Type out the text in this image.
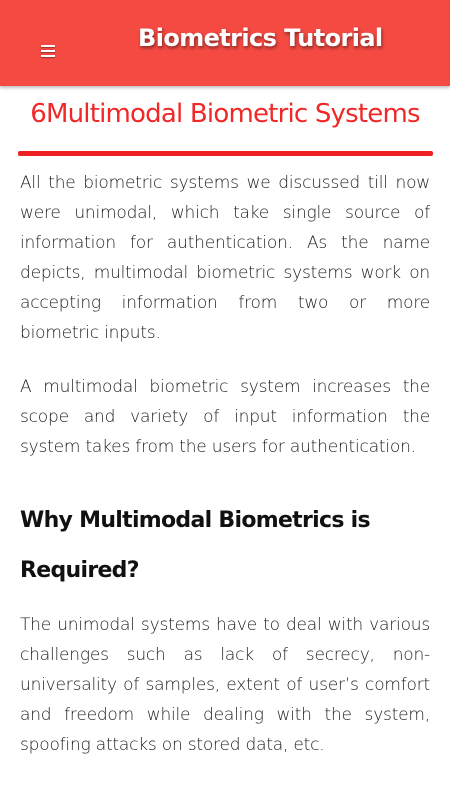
Biometrics Tutorial
6Multimodal Biometric Systems

All the biometric systems we discussed till now were unimodal, which take single source of information for authentication. As the name depicts, multimodal biometric systems work on accepting information from two or more biometric inputs.

A multimodal biometric system increases the scope and variety of input information the system takes from the users for authentication.

Why Multimodal Biometrics is Required?

The unimodal systems have to deal with various challenges such as lack of secrecy, non-universality of samples, extent of user’s comfort and freedom while dealing with the system, spoofing attacks on stored data, etc.
